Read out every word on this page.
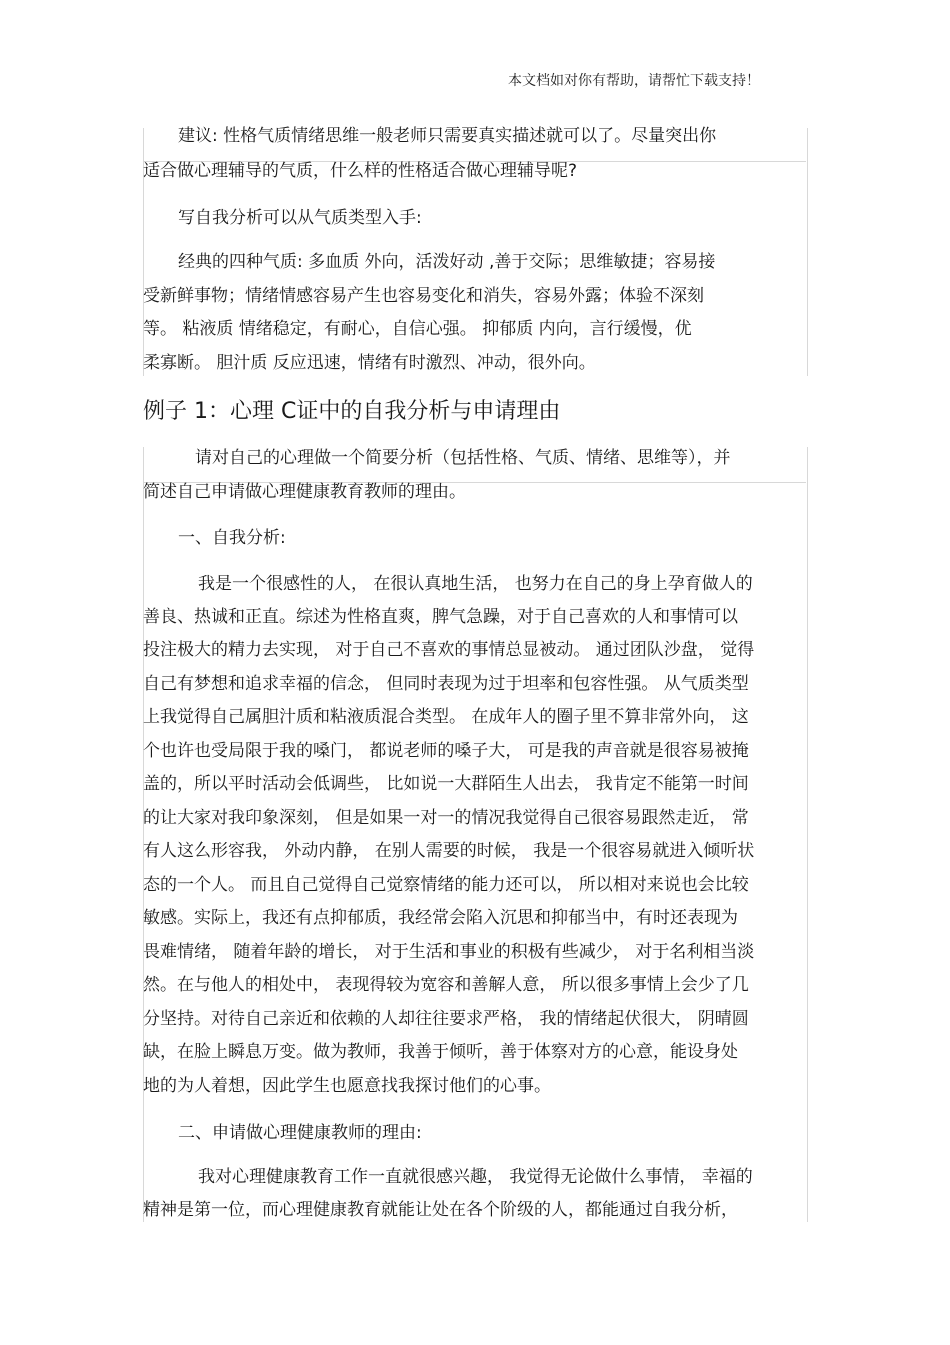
本文档如对你有帮助，请帮忙下载支持！
建议: 性格气质情绪思维一般老师只需要真实描述就可以了。尽量突出你
适合做心理辅导的气质，什么样的性格适合做心理辅导呢?
写自我分析可以从气质类型入手:
经典的四种气质: 多血质 外向，活泼好动 ,善于交际；思维敏捷；容易接
受新鲜事物；情绪情感容易产生也容易变化和消失，容易外露；体验不深刻
等。 粘液质 情绪稳定，有耐心，自信心强。 抑郁质 内向，言行缓慢，优
柔寡断。 胆汁质 反应迅速，情绪有时激烈、冲动，很外向。
例子 1：心理 C证中的自我分析与申请理由
请对自己的心理做一个简要分析（包括性格、气质、情绪、思维等），并
简述自己申请做心理健康教育教师的理由。
一、自我分析:
我是一个很感性的人， 在很认真地生活， 也努力在自己的身上孕育做人的
善良、热诚和正直。综述为性格直爽，脾气急躁，对于自己喜欢的人和事情可以
投注极大的精力去实现， 对于自己不喜欢的事情总显被动。 通过团队沙盘， 觉得
自己有梦想和追求幸福的信念， 但同时表现为过于坦率和包容性强。 从气质类型
上我觉得自己属胆汁质和粘液质混合类型。 在成年人的圈子里不算非常外向， 这
个也许也受局限于我的嗓门， 都说老师的嗓子大， 可是我的声音就是很容易被掩
盖的，所以平时活动会低调些， 比如说一大群陌生人出去， 我肯定不能第一时间
的让大家对我印象深刻， 但是如果一对一的情况我觉得自己很容易跟然走近， 常
有人这么形容我， 外动内静， 在别人需要的时候， 我是一个很容易就进入倾听状
态的一个人。 而且自己觉得自己觉察情绪的能力还可以， 所以相对来说也会比较
敏感。实际上，我还有点抑郁质，我经常会陷入沉思和抑郁当中，有时还表现为
畏难情绪， 随着年龄的增长， 对于生活和事业的积极有些减少， 对于名利相当淡
然。在与他人的相处中， 表现得较为宽容和善解人意， 所以很多事情上会少了几
分坚持。对待自己亲近和依赖的人却往往要求严格， 我的情绪起伏很大， 阴晴圆
缺，在脸上瞬息万变。做为教师，我善于倾听，善于体察对方的心意，能设身处
地的为人着想，因此学生也愿意找我探讨他们的心事。
二、申请做心理健康教师的理由:
我对心理健康教育工作一直就很感兴趣， 我觉得无论做什么事情， 幸福的
精神是第一位，而心理健康教育就能让处在各个阶级的人，都能通过自我分析，
